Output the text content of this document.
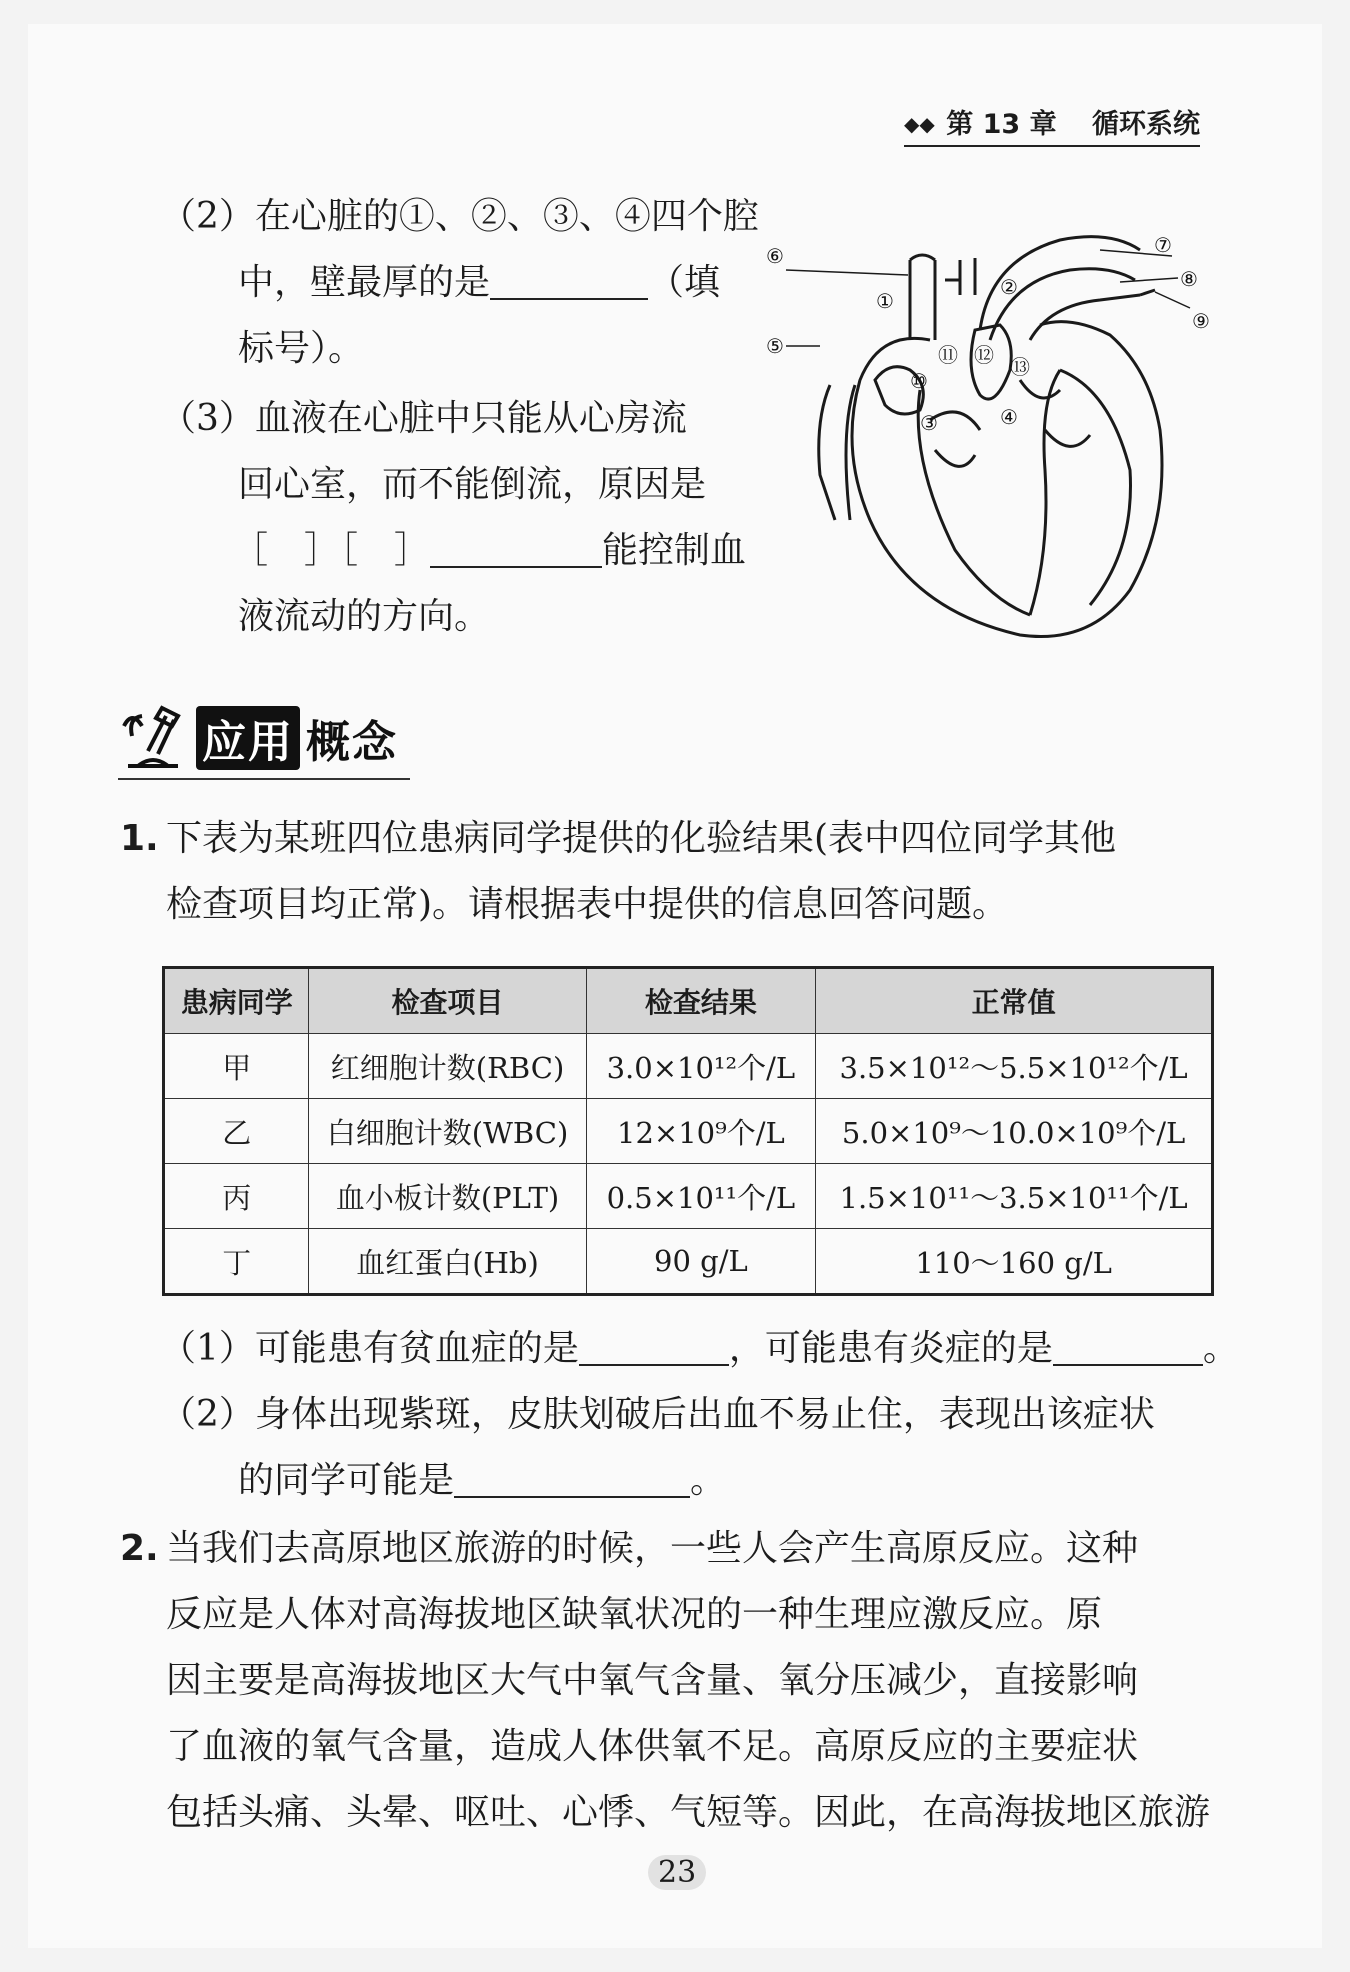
◆◆ 第 13 章 循环系统
（2）在心脏的①、②、③、④四个腔
中，壁最厚的是	（填
标号）。
（3）血液在心脏中只能从心房流
回心室，而不能倒流，原因是
［　］［　］	能控制血
液流动的方向。
①
②
③	④
⑤
⑥	⑦
⑧
⑨
⑩
⑪ ⑫ ⑬
应用 概念
1. 下表为某班四位患病同学提供的化验结果(表中四位同学其他
检查项目均正常)。请根据表中提供的信息回答问题。
患病同学	检查项目	检查结果	正常值
甲	红细胞计数(RBC)	3.0×10¹²个/L	3.5×10¹²～5.5×10¹²个/L
乙	白细胞计数(WBC)	12×10⁹个/L	5.0×10⁹～10.0×10⁹个/L
丙	血小板计数(PLT)	0.5×10¹¹个/L	1.5×10¹¹～3.5×10¹¹个/L
丁	血红蛋白(Hb)	90 g/L	110～160 g/L
（1）可能患有贫血症的是	，可能患有炎症的是	。
（2）身体出现紫斑，皮肤划破后出血不易止住，表现出该症状
的同学可能是	。
2. 当我们去高原地区旅游的时候，一些人会产生高原反应。这种
反应是人体对高海拔地区缺氧状况的一种生理应激反应。原
因主要是高海拔地区大气中氧气含量、氧分压减少，直接影响
了血液的氧气含量，造成人体供氧不足。高原反应的主要症状
包括头痛、头晕、呕吐、心悸、气短等。因此，在高海拔地区旅游
23
